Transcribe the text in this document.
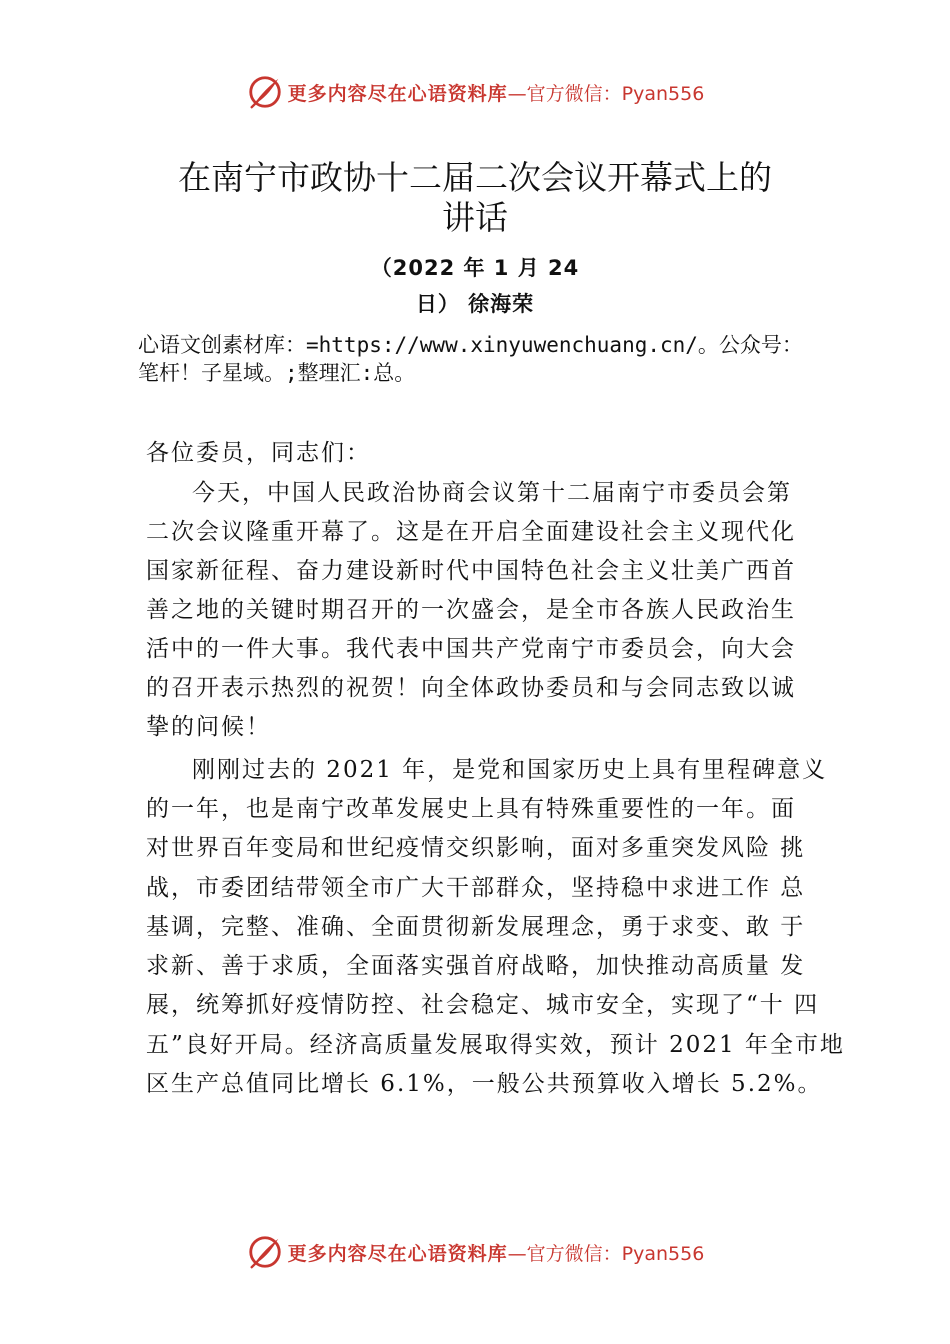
更多内容尽在心语资料库 —官方微信：Pyan556
在南宁市政协十二届二次会议开幕式上的
讲话
（2022 年 1 月 24
日） 徐海荣
心语文创素材库：=https://www.xinyuwenchuang.cn/。公众号：
笔杆！子星域。;整理汇:总。
各位委员，同志们：
今天，中国人民政治协商会议第十二届南宁市委员会第
二次会议隆重开幕了。这是在开启全面建设社会主义现代化
国家新征程、奋力建设新时代中国特色社会主义壮美广西首
善之地的关键时期召开的一次盛会，是全市各族人民政治生
活中的一件大事。我代表中国共产党南宁市委员会，向大会
的召开表示热烈的祝贺！向全体政协委员和与会同志致以诚
挚的问候！
刚刚过去的 2021 年，是党和国家历史上具有里程碑意义
的一年，也是南宁改革发展史上具有特殊重要性的一年。面
对世界百年变局和世纪疫情交织影响，面对多重突发风险 挑
战，市委团结带领全市广大干部群众，坚持稳中求进工作 总
基调，完整、准确、全面贯彻新发展理念，勇于求变、敢 于
求新、善于求质，全面落实强首府战略，加快推动高质量 发
展，统筹抓好疫情防控、社会稳定、城市安全，实现了“十 四
五”良好开局。经济高质量发展取得实效，预计 2021 年全市地
区生产总值同比增长 6.1%，一般公共预算收入增长 5.2%。
更多内容尽在心语资料库 —官方微信：Pyan556
